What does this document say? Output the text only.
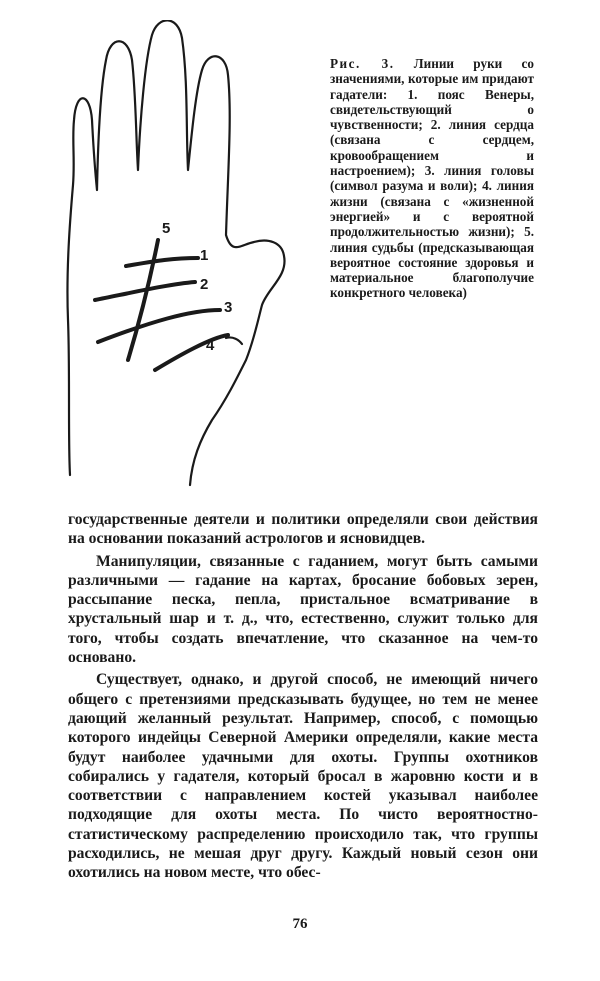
5
1
2
3
4
Рис. 3. Линии руки со значениями, которые им придают гадатели: 1. пояс Венеры, свидетельствующий о чувственности; 2. линия сердца (связана с сердцем, кровообращением и настроением); 3. линия головы (символ разума и воли); 4. линия жизни (связана с «жизненной энергией» и с вероятной продолжительностью жизни); 5. линия судьбы (предсказывающая вероятное состояние здоровья и материальное благополучие конкретного человека)

государственные деятели и политики определяли свои действия на основании показаний астрологов и ясновидцев.

Манипуляции, связанные с гаданием, могут быть самыми различными — гадание на картах, бросание бобовых зерен, рассыпание песка, пепла, пристальное всматривание в хрустальный шар и т. д., что, естественно, служит только для того, чтобы создать впечатление, что сказанное на чем-то основано.

Существует, однако, и другой способ, не имеющий ничего общего с претензиями предсказывать будущее, но тем не менее дающий желанный результат. Например, способ, с помощью которого индейцы Северной Америки определяли, какие места будут наиболее удачными для охоты. Группы охотников собирались у гадателя, который бросал в жаровню кости и в соответствии с направлением костей указывал наиболее подходящие для охоты места. По чисто вероятностно-статистическому распределению происходило так, что группы расходились, не мешая друг другу. Каждый новый сезон они охотились на новом месте, что обес-

76
